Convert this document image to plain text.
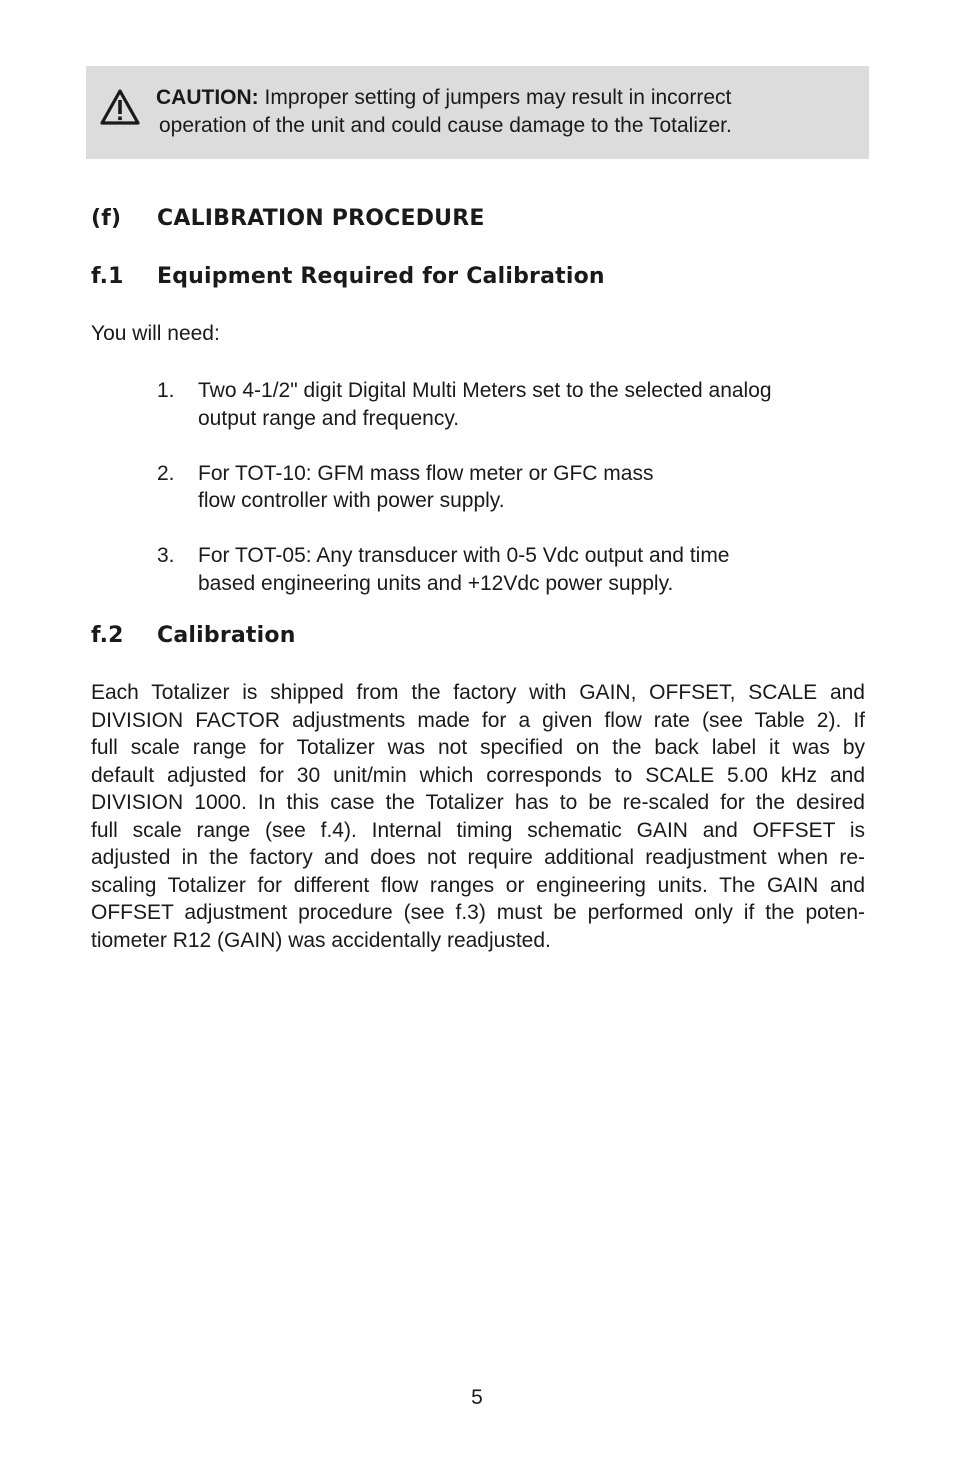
CAUTION: Improper setting of jumpers may result in incorrect
operation of the unit and could cause damage to the Totalizer.
(f) CALIBRATION PROCEDURE
f.1 Equipment Required for Calibration
You will need:
1. Two 4-1/2" digit Digital Multi Meters set to the selected analog
output range and frequency.
2. For TOT-10: GFM mass flow meter or GFC mass
flow controller with power supply.
3. For TOT-05: Any transducer with 0-5 Vdc output and time
based engineering units and +12Vdc power supply.
f.2 Calibration
Each Totalizer is shipped from the factory with GAIN, OFFSET, SCALE and
DIVISION FACTOR adjustments made for a given flow rate (see Table 2). If
full scale range for Totalizer was not specified on the back label it was by
default adjusted for 30 unit/min which corresponds to SCALE 5.00 kHz and
DIVISION 1000. In this case the Totalizer has to be re-scaled for the desired
full scale range (see f.4). Internal timing schematic GAIN and OFFSET is
adjusted in the factory and does not require additional readjustment when re-
scaling Totalizer for different flow ranges or engineering units. The GAIN and
OFFSET adjustment procedure (see f.3) must be performed only if the poten-
tiometer R12 (GAIN) was accidentally readjusted.
5
